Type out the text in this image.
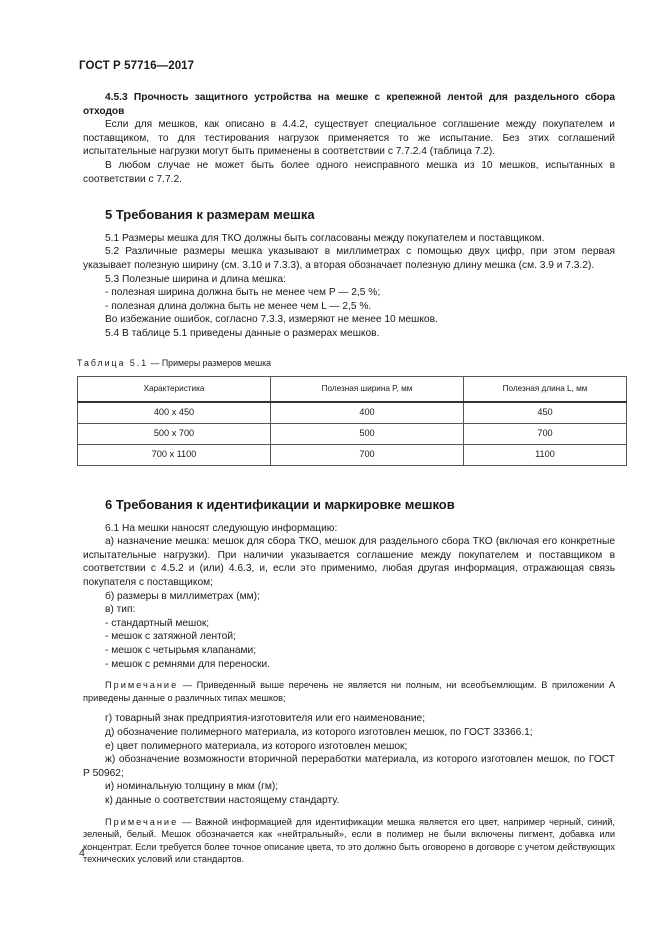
ГОСТ Р 57716—2017

4.5.3 Прочность защитного устройства на мешке с крепежной лентой для раздельного сбора отходов

Если для мешков, как описано в 4.4.2, существует специальное соглашение между покупателем и поставщиком, то для тестирования нагрузок применяется то же испытание. Без этих соглашений испытательные нагрузки могут быть применены в соответствии с 7.7.2.4 (таблица 7.2).

В любом случае не может быть более одного неисправного мешка из 10 мешков, испытанных в соответствии с 7.7.2.

5 Требования к размерам мешка

5.1 Размеры мешка для ТКО должны быть согласованы между покупателем и поставщиком.

5.2 Различные размеры мешка указывают в миллиметрах с помощью двух цифр, при этом первая указывает полезную ширину (см. 3.10 и 7.3.3), а вторая обозначает полезную длину мешка (см. 3.9 и 7.3.2).

5.3 Полезные ширина и длина мешка:

- полезная ширина должна быть не менее чем P — 2,5 %;

- полезная длина должна быть не менее чем L — 2,5 %.

Во избежание ошибок, согласно 7.3.3, измеряют не менее 10 мешков.

5.4 В таблице 5.1 приведены данные о размерах мешков.

Таблица 5.1 — Примеры размеров мешка

Характеристика	Полезная ширина P, мм	Полезная длина L, мм
400 х 450	400	450
500 х 700	500	700
700 х 1100	700	1100

6 Требования к идентификации и маркировке мешков

6.1 На мешки наносят следующую информацию:

а) назначение мешка: мешок для сбора ТКО, мешок для раздельного сбора ТКО (включая его конкретные испытательные нагрузки). При наличии указывается соглашение между покупателем и поставщиком в соответствии с 4.5.2 и (или) 4.6.3, и, если это применимо, любая другая информация, отражающая связь покупателя с поставщиком;

б) размеры в миллиметрах (мм);

в) тип:

- стандартный мешок;

- мешок с затяжной лентой;

- мешок с четырьмя клапанами;

- мешок с ремнями для переноски.

Примечание — Приведенный выше перечень не является ни полным, ни всеобъемлющим. В приложении А приведены данные о различных типах мешков;

г) товарный знак предприятия-изготовителя или его наименование;

д) обозначение полимерного материала, из которого изготовлен мешок, по ГОСТ 33366.1;

е) цвет полимерного материала, из которого изготовлен мешок;

ж) обозначение возможности вторичной переработки материала, из которого изготовлен мешок, по ГОСТ Р 50962;

и) номинальную толщину в мкм (гм);

к) данные о соответствии настоящему стандарту.

Примечание — Важной информацией для идентификации мешка является его цвет, например черный, синий, зеленый, белый. Мешок обозначается как «нейтральный», если в полимер не были включены пигмент, добавка или концентрат. Если требуется более точное описание цвета, то это должно быть оговорено в договоре с учетом действующих технических условий или стандартов.

4
